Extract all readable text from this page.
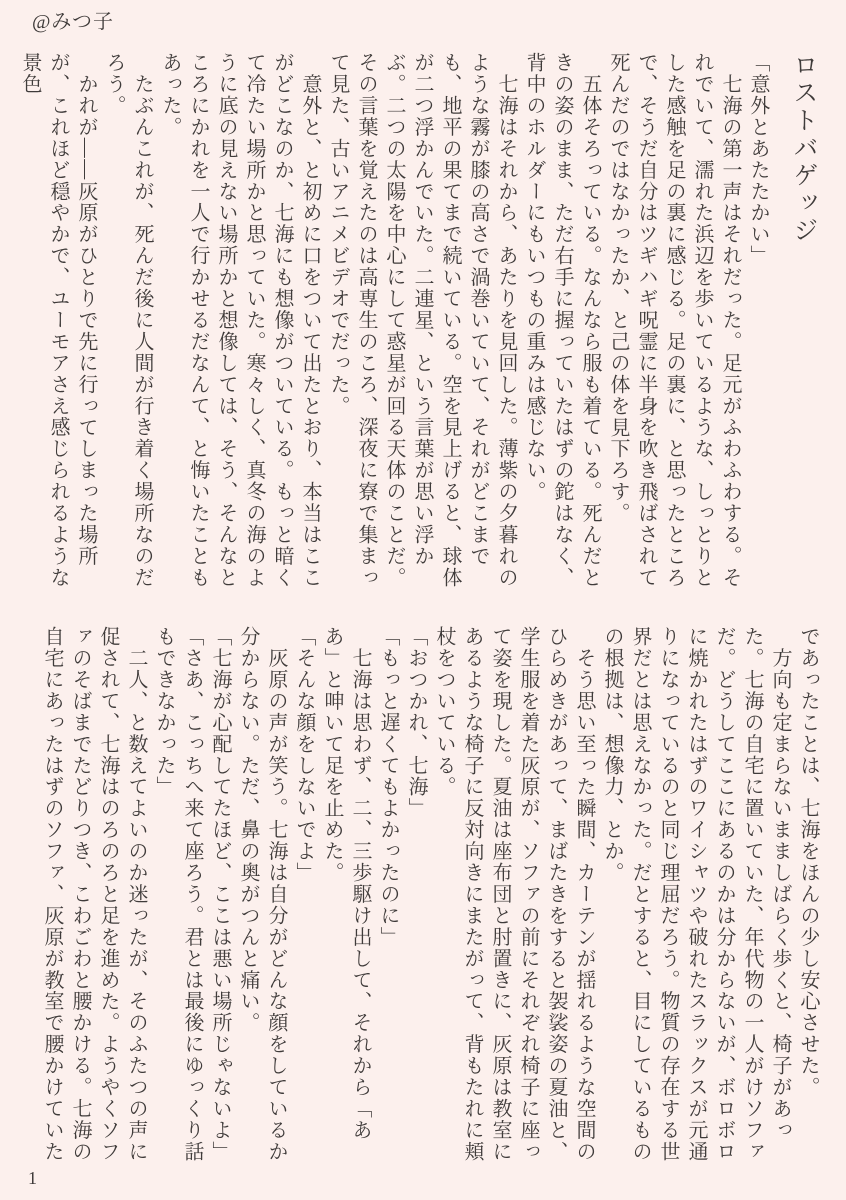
@みつ子
ロストバゲッジ

「意外とあたたかい」

　七海の第一声はそれだった。足元がふわふわする。それでいて、濡れた浜辺を歩いているような、しっとりとした感触を足の裏に感じる。足の裏に、と思ったところで、そうだ自分はツギハギ呪霊に半身を吹き飛ばされて死んだのではなかったか、と己の体を見下ろす。

　五体そろっている。なんなら服も着ている。死んだときの姿のまま、ただ右手に握っていたはずの鉈はなく、背中のホルダーにもいつもの重みは感じない。

　七海はそれから、あたりを見回した。薄紫の夕暮れのような霧が膝の高さで渦巻いていて、それがどこまでも、地平の果てまで続いている。空を見上げると、球体が二つ浮かんでいた。二連星、という言葉が思い浮かぶ。二つの太陽を中心にして惑星が回る天体のことだ。その言葉を覚えたのは高専生のころ、深夜に寮で集まって見た、古いアニメビデオでだった。

　意外と、と初めに口をついて出たとおり、本当はここがどこなのか、七海にも想像がついている。もっと暗くて冷たい場所かと思っていた。寒々しく、真冬の海のように底の見えない場所かと想像しては、そう、そんなところにかれを一人で行かせるだなんて、と悔いたこともあった。

　たぶんこれが、死んだ後に人間が行き着く場所なのだろう。

　かれが――灰原がひとりで先に行ってしまった場所が、これほど穏やかで、ユーモアさえ感じられるような景色

であったことは、七海をほんの少し安心させた。

　方向も定まらないまましばらく歩くと、椅子があった。七海の自宅に置いていた、年代物の一人がけソファだ。どうしてここにあるのかは分からないが、ボロボロに焼かれたはずのワイシャツや破れたスラックスが元通りになっているのと同じ理屈だろう。物質の存在する世界だとは思えなかった。だとすると、目にしているものの根拠は、想像力、とか。

　そう思い至った瞬間、カーテンが揺れるような空間のひらめきがあって、まばたきをすると袈裟姿の夏油と、学生服を着た灰原が、ソファの前にそれぞれ椅子に座って姿を現した。夏油は座布団と肘置きに、灰原は教室にあるような椅子に反対向きにまたがって、背もたれに頬杖をついている。

「おつかれ、七海」

「もっと遅くてもよかったのに」

　七海は思わず、二、三歩駆け出して、それから「ああ」と呻いて足を止めた。

「そんな顔をしないでよ」

　灰原の声が笑う。七海は自分がどんな顔をしているか分からない。ただ、鼻の奥がつんと痛い。

「七海が心配してたほど、ここは悪い場所じゃないよ」

「さあ、こっちへ来て座ろう。君とは最後にゆっくり話もできなかった」

　二人、と数えてよいのか迷ったが、そのふたつの声に促されて、七海はのろのろと足を進めた。ようやくソファのそばまでたどりつき、こわごわと腰かける。七海の自宅にあったはずのソファ、灰原が教室で腰かけていた

1
